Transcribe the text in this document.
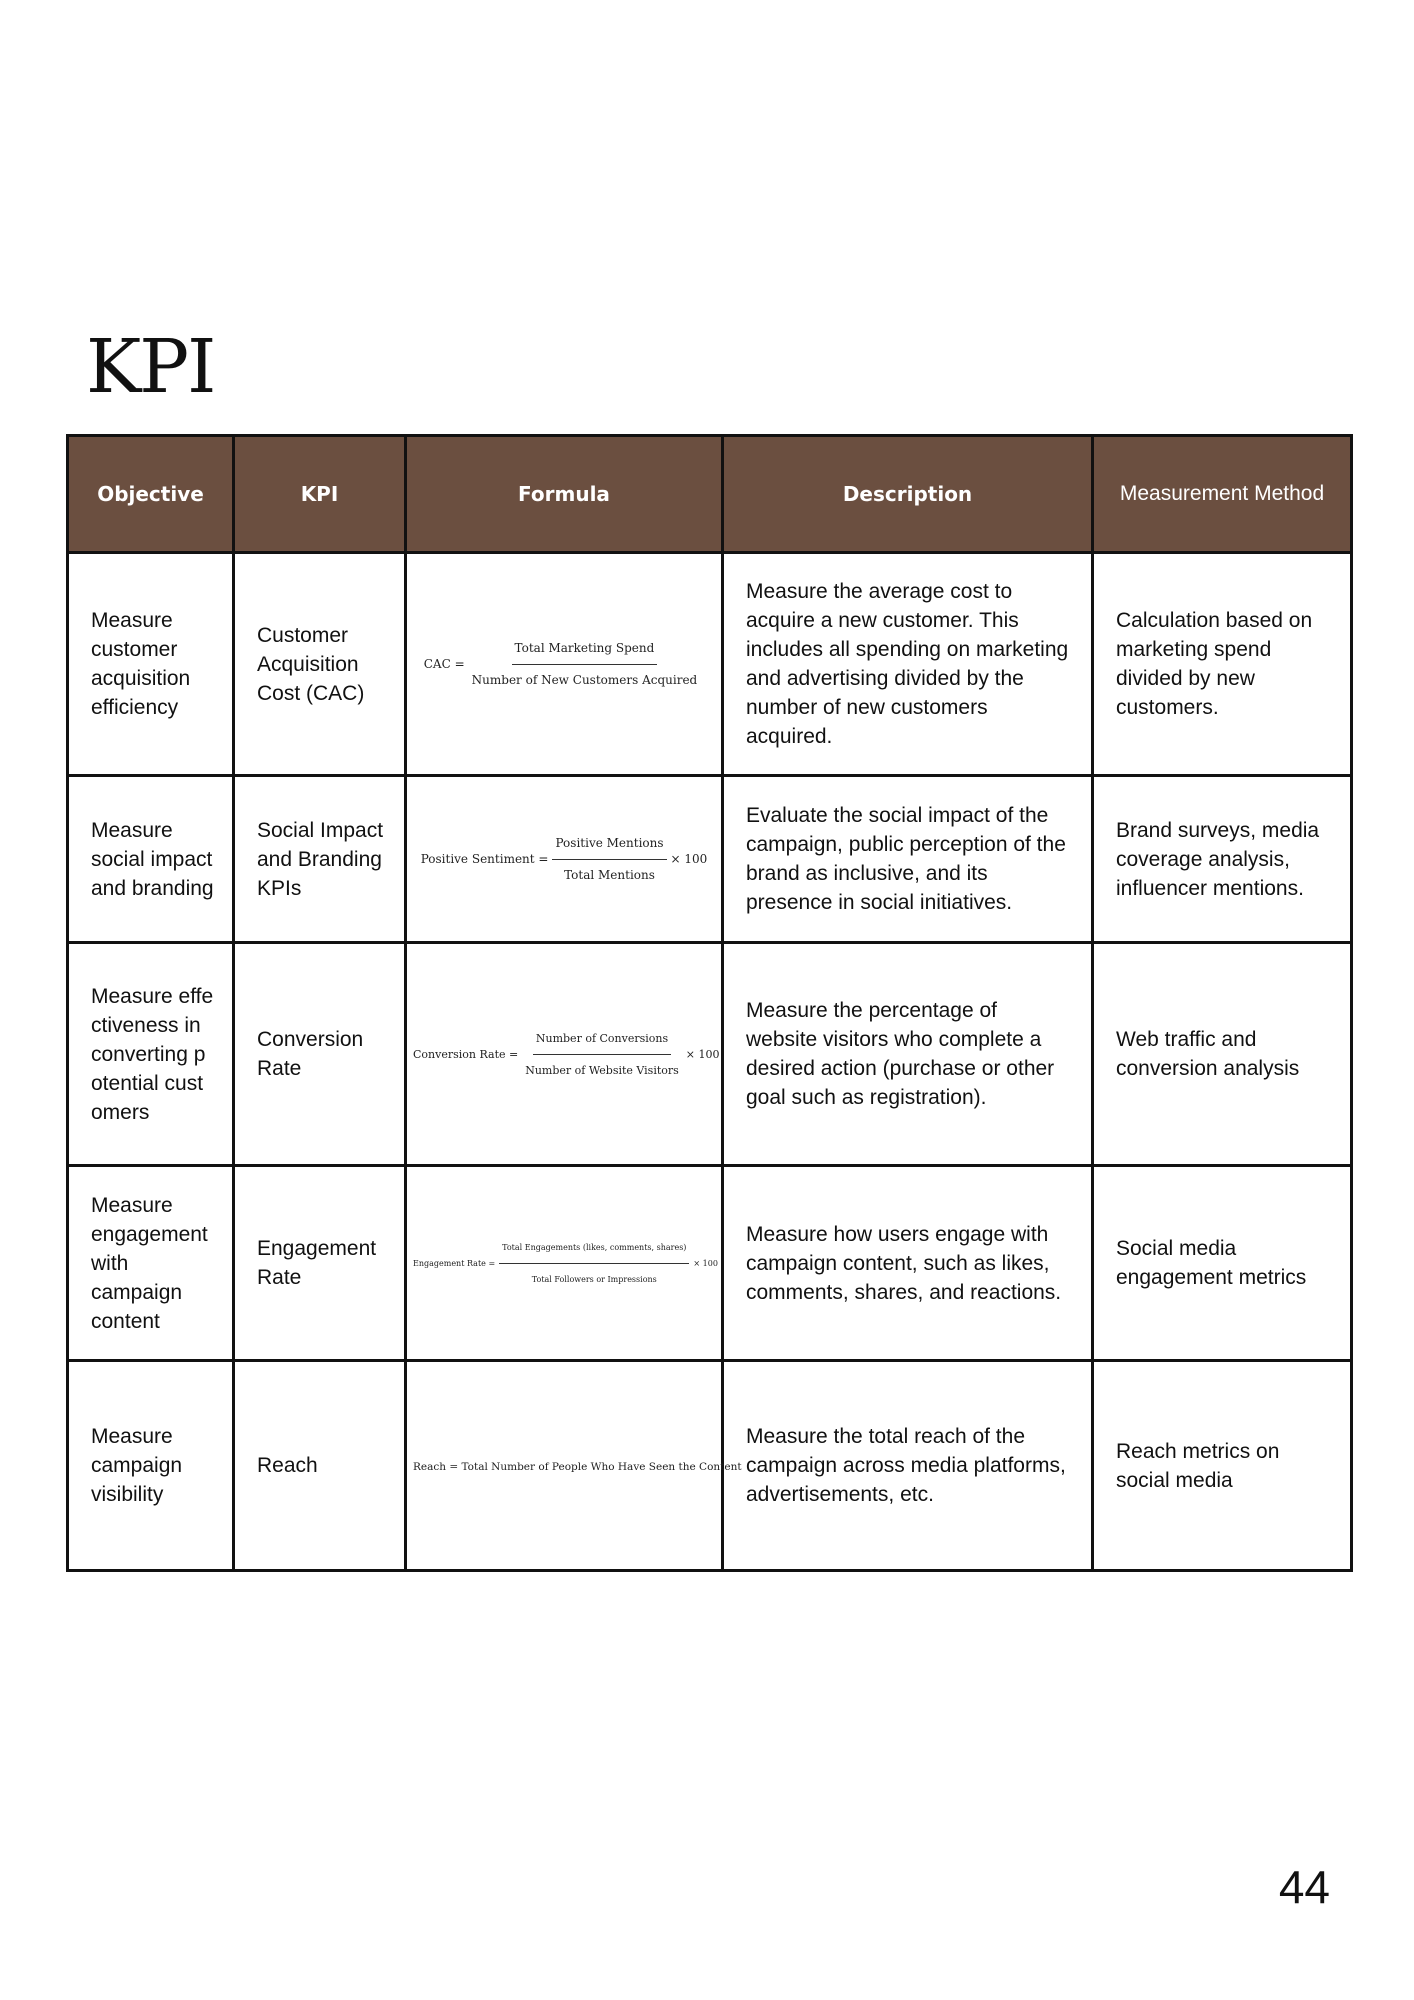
KPI
Objective	KPI	Formula	Description	Measurement Method
Measure customer acquisition efficiency	Customer Acquisition Cost (CAC)	CAC = $\frac{\text{Total Marketing Spend}}{\text{Number of New Customers Acquired}}$	Measure the average cost to acquire a new customer. This includes all spending on marketing and advertising divided by the number of new customers acquired.	Calculation based on marketing spend divided by new customers.
Measure social impact and branding	Social Impact and Branding KPIs	Positive Sentiment = $\frac{\text{Positive Mentions}}{\text{Total Mentions}} \times 100$	Evaluate the social impact of the campaign, public perception of the brand as inclusive, and its presence in social initiatives.	Brand surveys, media coverage analysis, influencer mentions.
Measure effectiveness in converting potential customers	Conversion Rate	Conversion Rate = $\frac{\text{Number of Conversions}}{\text{Number of Website Visitors}} \times 100$	Measure the percentage of website visitors who complete a desired action (purchase or other goal such as registration).	Web traffic and conversion analysis
Measure engagement with campaign content	Engagement Rate	Engagement Rate = $\frac{\text{Total Engagements (likes, comments, shares)}}{\text{Total Followers or Impressions}} \times 100$	Measure how users engage with campaign content, such as likes, comments, shares, and reactions.	Social media engagement metrics
Measure campaign visibility	Reach	Reach = Total Number of People Who Have Seen the Content	Measure the total reach of the campaign across media platforms, advertisements, etc.	Reach metrics on social media
44
